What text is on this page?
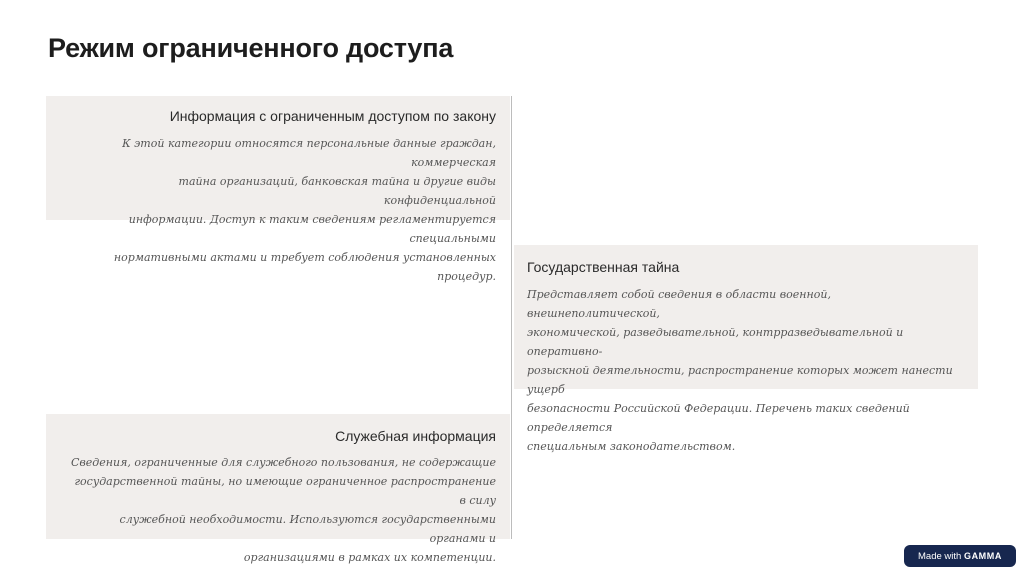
Режим ограниченного доступа
Информация с ограниченным доступом по закону

К этой категории относятся персональные данные граждан, коммерческая
тайна организаций, банковская тайна и другие виды конфиденциальной
информации. Доступ к таким сведениям регламентируется специальными
нормативными актами и требует соблюдения установленных процедур.

Государственная тайна

Представляет собой сведения в области военной, внешнеполитической,
экономической, разведывательной, контрразведывательной и оперативно-
розыскной деятельности, распространение которых может нанести ущерб
безопасности Российской Федерации. Перечень таких сведений определяется
специальным законодательством.

Служебная информация

Сведения, ограниченные для служебного пользования, не содержащие
государственной тайны, но имеющие ограниченное распространение в силу
служебной необходимости. Используются государственными органами и
организациями в рамках их компетенции.	Made with GAMMA
